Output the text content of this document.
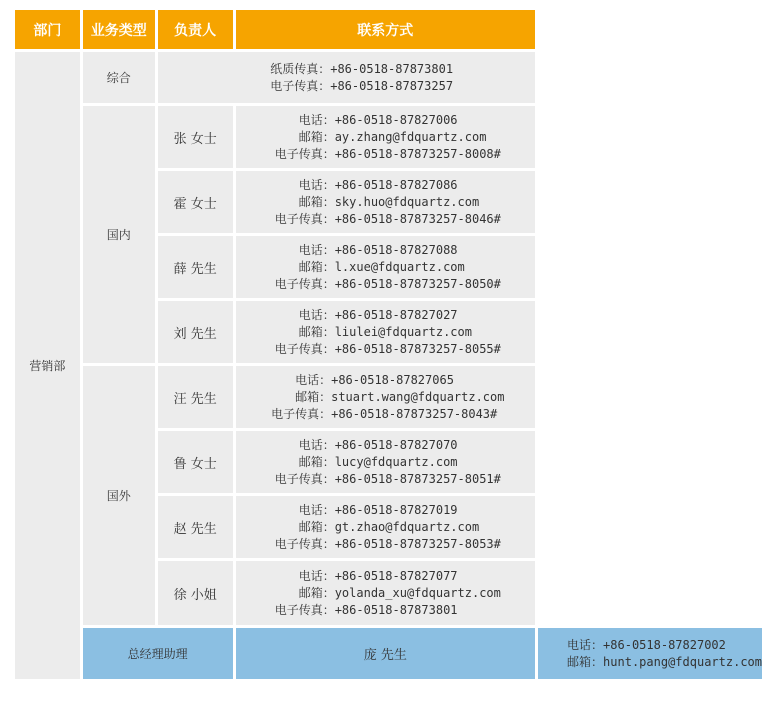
部门	业务类型	负责人	联系方式	
营销部	综合	纸质传真：+86-0518-87873801
电子传真：+86-0518-87873257		

	国内	张 女士	电话：+86-0518-87827006
邮箱：ay.zhang@fdquartz.com
电子传真：+86-0518-87873257-8008#	

		霍 女士	电话：+86-0518-87827086
邮箱：sky.huo@fdquartz.com
电子传真：+86-0518-87873257-8046#	

		薛 先生	电话：+86-0518-87827088
邮箱：l.xue@fdquartz.com
电子传真：+86-0518-87873257-8050#	

		刘 先生	电话：+86-0518-87827027
邮箱：liulei@fdquartz.com
电子传真：+86-0518-87873257-8055#	

	国外	汪 先生	电话：+86-0518-87827065
邮箱：stuart.wang@fdquartz.com
电子传真：+86-0518-87873257-8043#	

		鲁 女士	电话：+86-0518-87827070
邮箱：lucy@fdquartz.com
电子传真：+86-0518-87873257-8051#	

		赵 先生	电话：+86-0518-87827019
邮箱：gt.zhao@fdquartz.com
电子传真：+86-0518-87873257-8053#	

		徐 小姐	电话：+86-0518-87827077
邮箱：yolanda_xu@fdquartz.com
电子传真：+86-0518-87873801	

	总经理助理		庞 先生	电话：+86-0518-87827002
邮箱：hunt.pang@fdquartz.com
